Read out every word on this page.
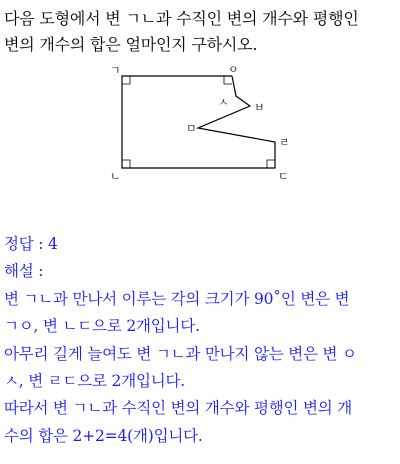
다음 도형에서 변 ㄱㄴ과 수직인 변의 개수와 평행인
변의 개수의 합은 얼마인지 구하시오.
ㄱ	ㅇ
ㅅ ㅂ
ㅁ
ㄹ
ㄴ	ㄷ
정답 : 4
해설 :
변 ㄱㄴ과 만나서 이루는 각의 크기가 90˚인 변은 변
ㄱㅇ, 변 ㄴㄷ으로 2개입니다.
아무리 길게 늘여도 변 ㄱㄴ과 만나지 않는 변은 변 ㅇ
ㅅ, 변 ㄹㄷ으로 2개입니다.
따라서 변 ㄱㄴ과 수직인 변의 개수와 평행인 변의 개
수의 합은 2+2=4(개)입니다.
